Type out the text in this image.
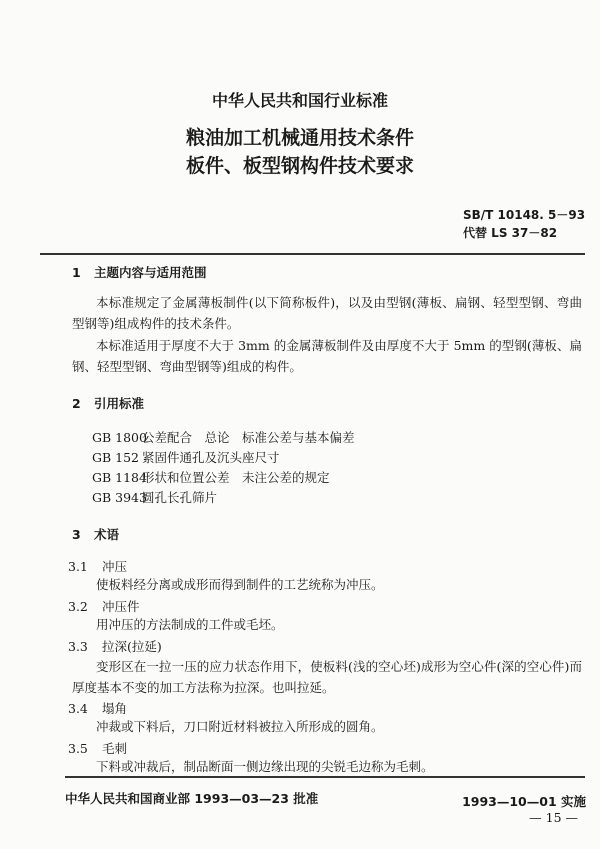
中华人民共和国行业标准
粮油加工机械通用技术条件
板件、板型钢构件技术要求
SB/T 10148. 5－93
代替 LS 37－82
1 主题内容与适用范围
本标准规定了金属薄板制件(以下简称板件)，以及由型钢(薄板、扁钢、轻型型钢、弯曲型钢等)组成构件的技术条件。
本标准适用于厚度不大于 3mm 的金属薄板制件及由厚度不大于 5mm 的型钢(薄板、扁钢、轻型型钢、弯曲型钢等)组成的构件。
2 引用标准
GB 1800公差配合　总论　标准公差与基本偏差
GB 152 紧固件通孔及沉头座尺寸
GB 1184形状和位置公差　未注公差的规定
GB 3943圆孔长孔筛片
3 术语
3.1 冲压
使板料经分离或成形而得到制件的工艺统称为冲压。
3.2 冲压件
用冲压的方法制成的工件或毛坯。
3.3 拉深(拉延)
变形区在一拉一压的应力状态作用下，使板料(浅的空心坯)成形为空心件(深的空心件)而厚度基本不变的加工方法称为拉深。也叫拉延。
3.4 塌角
冲裁或下料后，刀口附近材料被拉入所形成的圆角。
3.5 毛刺
下料或冲裁后，制品断面一侧边缘出现的尖锐毛边称为毛刺。
中华人民共和国商业部 1993—03—23 批准	1993—10—01 实施
— 15 —
